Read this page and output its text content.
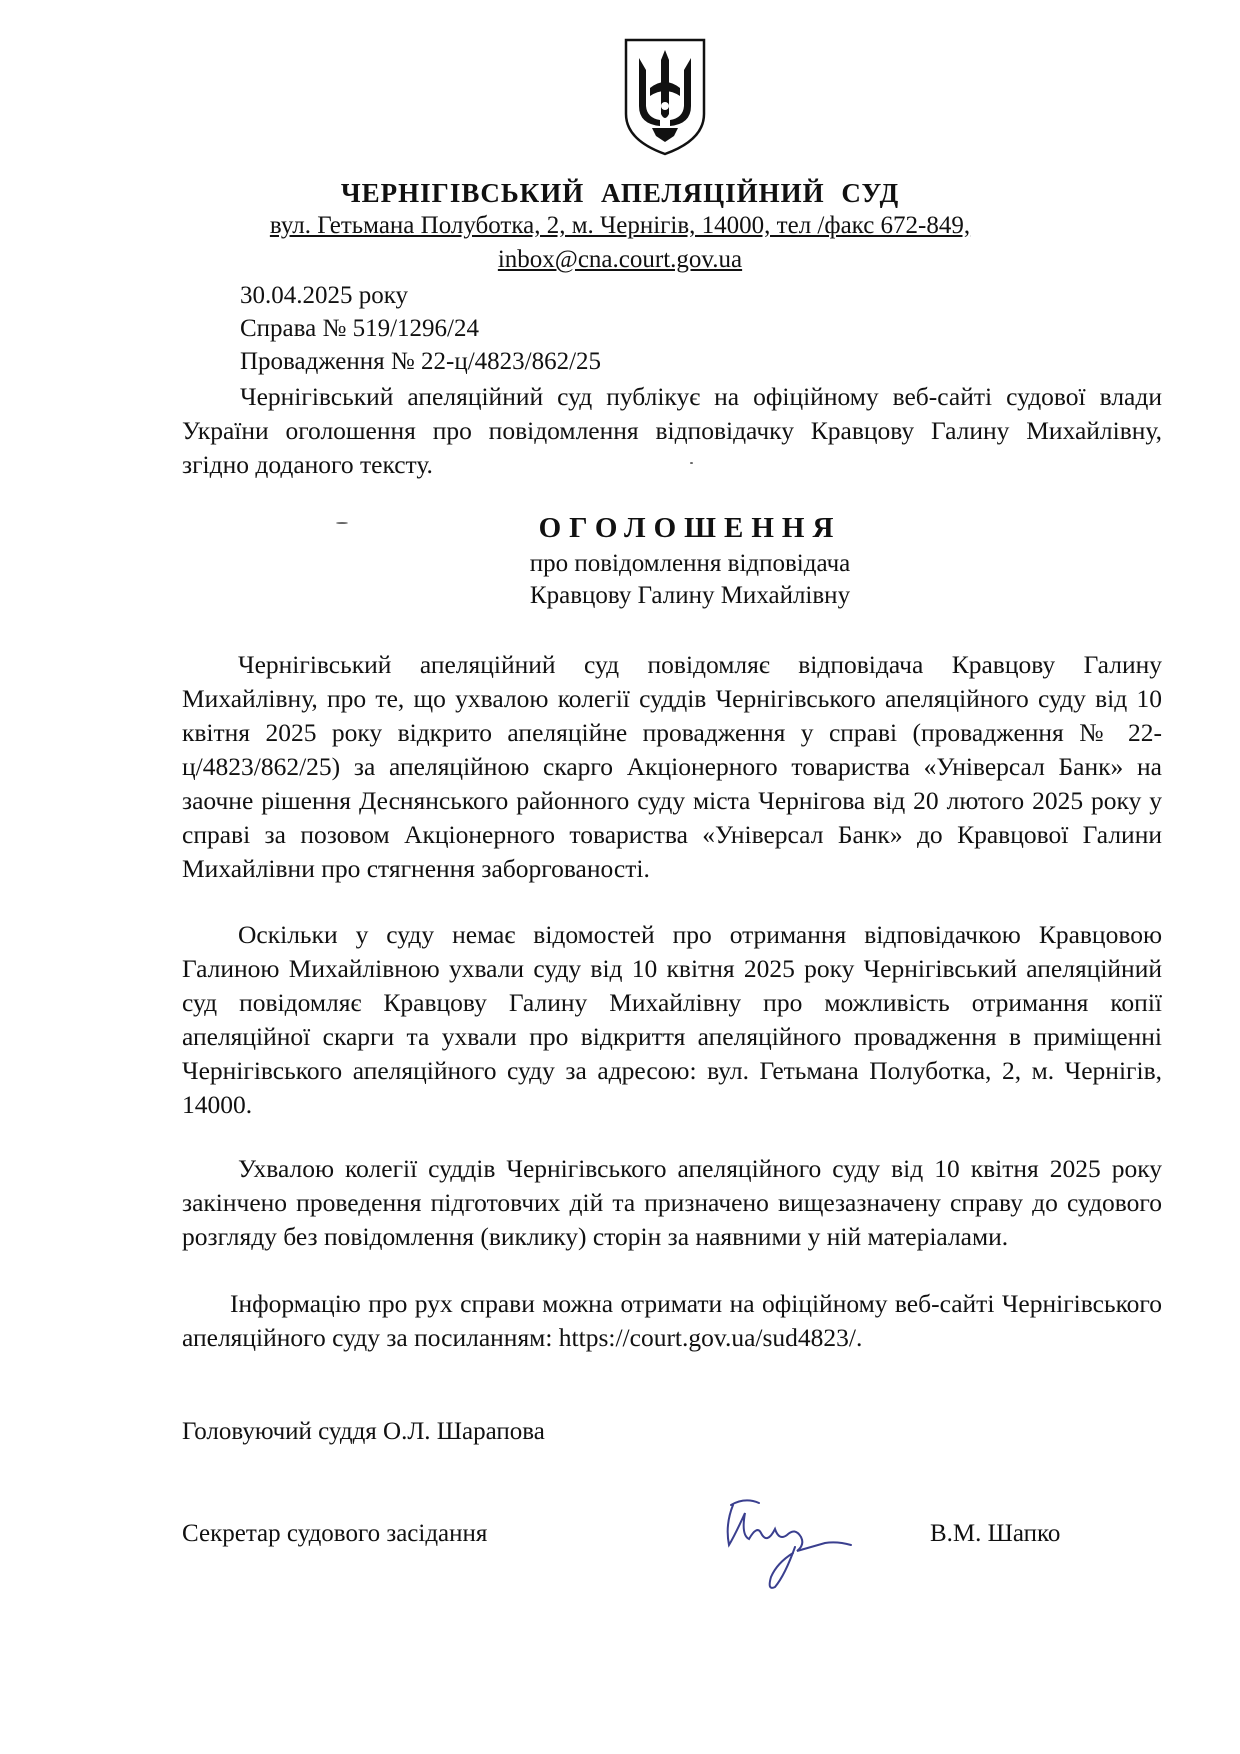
ЧЕРНІГІВСЬКИЙ АПЕЛЯЦІЙНИЙ СУД
вул. Гетьмана Полуботка, 2, м. Чернігів, 14000, тел /факс 672-849,
inbox@cna.court.gov.ua
30.04.2025 року
Справа № 519/1296/24
Провадження № 22-ц/4823/862/25

Чернігівський апеляційний суд публікує на офіційному веб-сайті судової влади України оголошення про повідомлення відповідачку Кравцову Галину Михайлівну, згідно доданого тексту.

ОГОЛОШЕННЯ
про повідомлення відповідача
Кравцову Галину Михайлівну

Чернігівський апеляційний суд повідомляє відповідача Кравцову Галину Михайлівну, про те, що ухвалою колегії суддів Чернігівського апеляційного суду від 10 квітня 2025 року відкрито апеляційне провадження у справі (провадження № 22-ц/4823/862/25) за апеляційною скарго Акціонерного товариства «Універсал Банк» на заочне рішення Деснянського районного суду міста Чернігова від 20 лютого 2025 року у справі за позовом Акціонерного товариства «Універсал Банк» до Кравцової Галини Михайлівни про стягнення заборгованості.

Оскільки у суду немає відомостей про отримання відповідачкою Кравцовою Галиною Михайлівною ухвали суду від 10 квітня 2025 року Чернігівський апеляційний суд повідомляє Кравцову Галину Михайлівну про можливість отримання копії апеляційної скарги та ухвали про відкриття апеляційного провадження в приміщенні Чернігівського апеляційного суду за адресою: вул. Гетьмана Полуботка, 2, м. Чернігів, 14000.

Ухвалою колегії суддів Чернігівського апеляційного суду від 10 квітня 2025 року закінчено проведення підготовчих дій та призначено вищезазначену справу до судового розгляду без повідомлення (виклику) сторін за наявними у ній матеріалами.

Інформацію про рух справи можна отримати на офіційному веб-сайті Чернігівського апеляційного суду за посиланням: https://court.gov.ua/sud4823/.

Головуючий суддя О.Л. Шарапова
Секретар судового засідання	В.М. Шапко
